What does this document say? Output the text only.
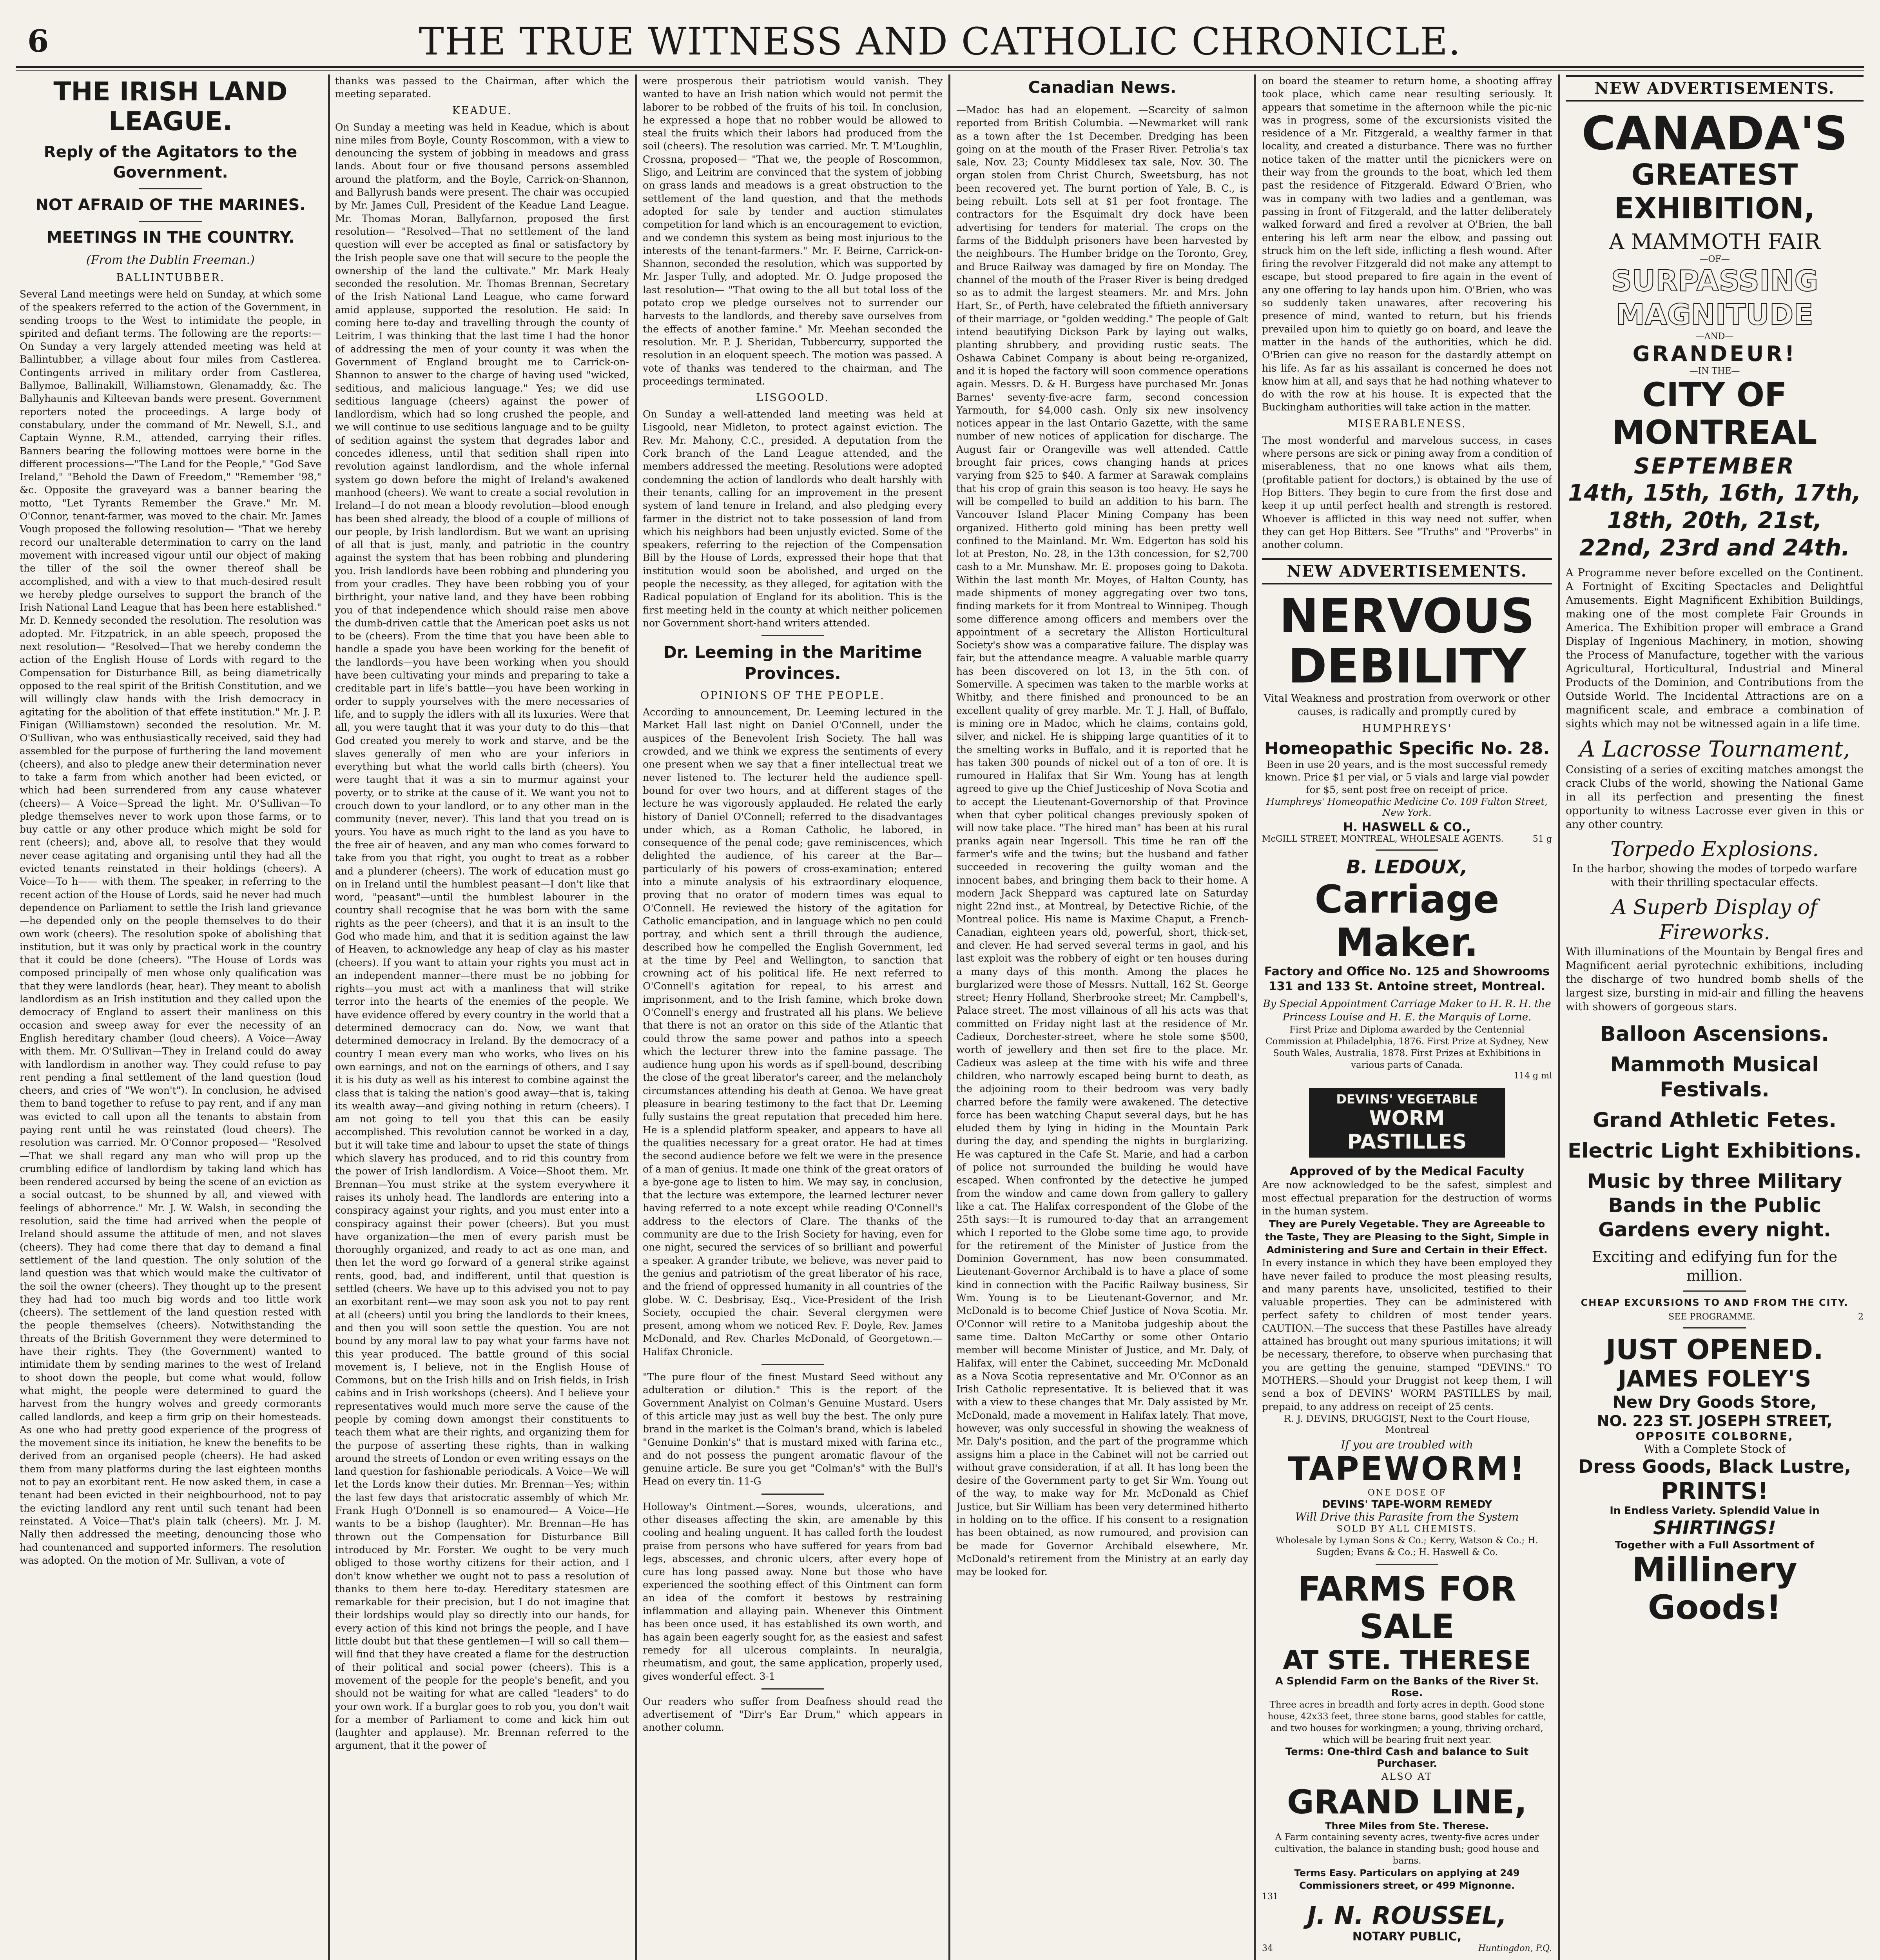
6	THE TRUE WITNESS AND CATHOLIC CHRONICLE.
THE IRISH LAND LEAGUE.
Reply of the Agitators to the Government.
NOT AFRAID OF THE MARINES.
MEETINGS IN THE COUNTRY.
(From the Dublin Freeman.)
BALLINTUBBER.
Several Land meetings were held on Sunday, at which some of the speakers referred to the action of the Government, in sending troops to the West to intimidate the people, in spirited and defiant terms. The following are the reports:— On Sunday a very largely attended meeting was held at Ballintubber, a village about four miles from Castlerea. Contingents arrived in military order from Castlerea, Ballymoe, Ballinakill, Williamstown, Glenamaddy, &c. The Ballyhaunis and Kilteevan bands were present. Government reporters noted the proceedings. A large body of constabulary, under the command of Mr. Newell, S.I., and Captain Wynne, R.M., attended, carrying their rifles. Banners bearing the following mottoes were borne in the different processions—"The Land for the People," "God Save Ireland," "Behold the Dawn of Freedom," "Remember '98," &c. Opposite the graveyard was a banner bearing the motto, "Let Tyrants Remember the Grave." Mr. M. O'Connor, tenant-farmer, was moved to the chair. Mr. James Vough proposed the following resolution— "That we hereby record our unalterable determination to carry on the land movement with increased vigour until our object of making the tiller of the soil the owner thereof shall be accomplished, and with a view to that much-desired result we hereby pledge ourselves to support the branch of the Irish National Land League that has been here established." Mr. D. Kennedy seconded the resolution. The resolution was adopted. Mr. Fitzpatrick, in an able speech, proposed the next resolution— "Resolved—That we hereby condemn the action of the English House of Lords with regard to the Compensation for Disturbance Bill, as being diametrically opposed to the real spirit of the British Constitution, and we will willingly claw hands with the Irish democracy in agitating for the abolition of that effete institution." Mr. J. P. Finigan (Williamstown) seconded the resolution. Mr. M. O'Sullivan, who was enthusiastically received, said they had assembled for the purpose of furthering the land movement (cheers), and also to pledge anew their determination never to take a farm from which another had been evicted, or which had been surrendered from any cause whatever (cheers)— A Voice—Spread the light. Mr. O'Sullivan—To pledge themselves never to work upon those farms, or to buy cattle or any other produce which might be sold for rent (cheers); and, above all, to resolve that they would never cease agitating and organising until they had all the evicted tenants reinstated in their holdings (cheers). A Voice—To h—— with them. The speaker, in referring to the recent action of the House of Lords, said he never had much dependence on Parliament to settle the Irish land grievance—he depended only on the people themselves to do their own work (cheers). The resolution spoke of abolishing that institution, but it was only by practical work in the country that it could be done (cheers). "The House of Lords was composed principally of men whose only qualification was that they were landlords (hear, hear). They meant to abolish landlordism as an Irish institution and they called upon the democracy of England to assert their manliness on this occasion and sweep away for ever the necessity of an English hereditary chamber (loud cheers). A Voice—Away with them. Mr. O'Sullivan—They in Ireland could do away with landlordism in another way. They could refuse to pay rent pending a final settlement of the land question (loud cheers, and cries of "We won't"). In conclusion, he advised them to band together to refuse to pay rent, and if any man was evicted to call upon all the tenants to abstain from paying rent until he was reinstated (loud cheers). The resolution was carried. Mr. O'Connor proposed— "Resolved—That we shall regard any man who will prop up the crumbling edifice of landlordism by taking land which has been rendered accursed by being the scene of an eviction as a social outcast, to be shunned by all, and viewed with feelings of abhorrence." Mr. J. W. Walsh, in seconding the resolution, said the time had arrived when the people of Ireland should assume the attitude of men, and not slaves (cheers). They had come there that day to demand a final settlement of the land question. The only solution of the land question was that which would make the cultivator of the soil the owner (cheers). They thought up to the present they had had too much big words and too little work (cheers). The settlement of the land question rested with the people themselves (cheers). Notwithstanding the threats of the British Government they were determined to have their rights. They (the Government) wanted to intimidate them by sending marines to the west of Ireland to shoot down the people, but come what would, follow what might, the people were determined to guard the harvest from the hungry wolves and greedy cormorants called landlords, and keep a firm grip on their homesteads. As one who had pretty good experience of the progress of the movement since its initiation, he knew the benefits to be derived from an organised people (cheers). He had asked them from many platforms during the last eighteen months not to pay an exorbitant rent. He now asked them, in case a tenant had been evicted in their neighbourhood, not to pay the evicting landlord any rent until such tenant had been reinstated. A Voice—That's plain talk (cheers). Mr. J. M. Nally then addressed the meeting, denouncing those who had countenanced and supported informers. The resolution was adopted. On the motion of Mr. Sullivan, a vote of
thanks was passed to the Chairman, after which the meeting separated.
KEADUE.
On Sunday a meeting was held in Keadue, which is about nine miles from Boyle, County Roscommon, with a view to denouncing the system of jobbing in meadows and grass lands. About four or five thousand persons assembled around the platform, and the Boyle, Carrick-on-Shannon, and Ballyrush bands were present. The chair was occupied by Mr. James Cull, President of the Keadue Land League. Mr. Thomas Moran, Ballyfarnon, proposed the first resolution— "Resolved—That no settlement of the land question will ever be accepted as final or satisfactory by the Irish people save one that will secure to the people the ownership of the land the cultivate." Mr. Mark Healy seconded the resolution. Mr. Thomas Brennan, Secretary of the Irish National Land League, who came forward amid applause, supported the resolution. He said: In coming here to-day and travelling through the county of Leitrim, I was thinking that the last time I had the honor of addressing the men of your county it was when the Government of England brought me to Carrick-on-Shannon to answer to the charge of having used "wicked, seditious, and malicious language." Yes; we did use seditious language (cheers) against the power of landlordism, which had so long crushed the people, and we will continue to use seditious language and to be guilty of sedition against the system that degrades labor and concedes idleness, until that sedition shall ripen into revolution against landlordism, and the whole infernal system go down before the might of Ireland's awakened manhood (cheers). We want to create a social revolution in Ireland—I do not mean a bloody revolution—blood enough has been shed already, the blood of a couple of millions of our people, by Irish landlordism. But we want an uprising of all that is just, manly, and patriotic in the country against the system that has been robbing and plundering you. Irish landlords have been robbing and plundering you from your cradles. They have been robbing you of your birthright, your native land, and they have been robbing you of that independence which should raise men above the dumb-driven cattle that the American poet asks us not to be (cheers). From the time that you have been able to handle a spade you have been working for the benefit of the landlords—you have been working when you should have been cultivating your minds and preparing to take a creditable part in life's battle—you have been working in order to supply yourselves with the mere necessaries of life, and to supply the idlers with all its luxuries. Were that all, you were taught that it was your duty to do this—that God created you merely to work and starve, and be the slaves generally of men who are your inferiors in everything but what the world calls birth (cheers). You were taught that it was a sin to murmur against your poverty, or to strike at the cause of it. We want you not to crouch down to your landlord, or to any other man in the community (never, never). This land that you tread on is yours. You have as much right to the land as you have to the free air of heaven, and any man who comes forward to take from you that right, you ought to treat as a robber and a plunderer (cheers). The work of education must go on in Ireland until the humblest peasant—I don't like that word, "peasant"—until the humblest labourer in the country shall recognise that he was born with the same rights as the peer (cheers), and that it is an insult to the God who made him, and that it is sedition against the law of Heaven, to acknowledge any heap of clay as his master (cheers). If you want to attain your rights you must act in an independent manner—there must be no jobbing for rights—you must act with a manliness that will strike terror into the hearts of the enemies of the people. We have evidence offered by every country in the world that a determined democracy can do. Now, we want that determined democracy in Ireland. By the democracy of a country I mean every man who works, who lives on his own earnings, and not on the earnings of others, and I say it is his duty as well as his interest to combine against the class that is taking the nation's good away—that is, taking its wealth away—and giving nothing in return (cheers). I am not going to tell you that this can be easily accomplished. This revolution cannot be worked in a day, but it will take time and labour to upset the state of things which slavery has produced, and to rid this country from the power of Irish landlordism. A Voice—Shoot them. Mr. Brennan—You must strike at the system everywhere it raises its unholy head. The landlords are entering into a conspiracy against your rights, and you must enter into a conspiracy against their power (cheers). But you must have organization—the men of every parish must be thoroughly organized, and ready to act as one man, and then let the word go forward of a general strike against rents, good, bad, and indifferent, until that question is settled (cheers. We have up to this advised you not to pay an exorbitant rent—we may soon ask you not to pay rent at all (cheers) until you bring the landlords to their knees, and then you will soon settle the question. You are not bound by any moral law to pay what your farms have not this year produced. The battle ground of this social movement is, I believe, not in the English House of Commons, but on the Irish hills and on Irish fields, in Irish cabins and in Irish workshops (cheers). And I believe your representatives would much more serve the cause of the people by coming down amongst their constituents to teach them what are their rights, and organizing them for the purpose of asserting these rights, than in walking around the streets of London or even writing essays on the land question for fashionable periodicals. A Voice—We will let the Lords know their duties. Mr. Brennan—Yes; within the last few days that aristocratic assembly of which Mr. Frank Hugh O'Donnell is so enamoured— A Voice—He wants to be a bishop (laughter). Mr. Brennan—He has thrown out the Compensation for Disturbance Bill introduced by Mr. Forster. We ought to be very much obliged to those worthy citizens for their action, and I don't know whether we ought not to pass a resolution of thanks to them here to-day. Hereditary statesmen are remarkable for their precision, but I do not imagine that their lordships would play so directly into our hands, for every action of this kind not brings the people, and I have little doubt but that these gentlemen—I will so call them—will find that they have created a flame for the destruction of their political and social power (cheers). This is a movement of the people for the people's benefit, and you should not be waiting for what are called "leaders" to do your own work. If a burglar goes to rob you, you don't wait for a member of Parliament to come and kick him out (laughter and applause). Mr. Brennan referred to the argument, that it the power of
were prosperous their patriotism would vanish. They wanted to have an Irish nation which would not permit the laborer to be robbed of the fruits of his toil. In conclusion, he expressed a hope that no robber would be allowed to steal the fruits which their labors had produced from the soil (cheers). The resolution was carried. Mr. T. M'Loughlin, Crossna, proposed— "That we, the people of Roscommon, Sligo, and Leitrim are convinced that the system of jobbing on grass lands and meadows is a great obstruction to the settlement of the land question, and that the methods adopted for sale by tender and auction stimulates competition for land which is an encouragement to eviction, and we condemn this system as being most injurious to the interests of the tenant-farmers." Mr. F. Beirne, Carrick-on-Shannon, seconded the resolution, which was supported by Mr. Jasper Tully, and adopted. Mr. O. Judge proposed the last resolution— "That owing to the all but total loss of the potato crop we pledge ourselves not to surrender our harvests to the landlords, and thereby save ourselves from the effects of another famine." Mr. Meehan seconded the resolution. Mr. P. J. Sheridan, Tubbercurry, supported the resolution in an eloquent speech. The motion was passed. A vote of thanks was tendered to the chairman, and The proceedings terminated.
LISGOOLD.
On Sunday a well-attended land meeting was held at Lisgoold, near Midleton, to protect against eviction. The Rev. Mr. Mahony, C.C., presided. A deputation from the Cork branch of the Land League attended, and the members addressed the meeting. Resolutions were adopted condemning the action of landlords who dealt harshly with their tenants, calling for an improvement in the present system of land tenure in Ireland, and also pledging every farmer in the district not to take possession of land from which his neighbors had been unjustly evicted. Some of the speakers, referring to the rejection of the Compensation Bill by the House of Lords, expressed their hope that that institution would soon be abolished, and urged on the people the necessity, as they alleged, for agitation with the Radical population of England for its abolition. This is the first meeting held in the county at which neither policemen nor Government short-hand writers attended.
Dr. Leeming in the Maritime Provinces.
OPINIONS OF THE PEOPLE.
According to announcement, Dr. Leeming lectured in the Market Hall last night on Daniel O'Connell, under the auspices of the Benevolent Irish Society. The hall was crowded, and we think we express the sentiments of every one present when we say that a finer intellectual treat we never listened to. The lecturer held the audience spell-bound for over two hours, and at different stages of the lecture he was vigorously applauded. He related the early history of Daniel O'Connell; referred to the disadvantages under which, as a Roman Catholic, he labored, in consequence of the penal code; gave reminiscences, which delighted the audience, of his career at the Bar—particularly of his powers of cross-examination; entered into a minute analysis of his extraordinary eloquence, proving that no orator of modern times was equal to O'Connell. He reviewed the history of the agitation for Catholic emancipation, and in language which no pen could portray, and which sent a thrill through the audience, described how he compelled the English Government, led at the time by Peel and Wellington, to sanction that crowning act of his political life. He next referred to O'Connell's agitation for repeal, to his arrest and imprisonment, and to the Irish famine, which broke down O'Connell's energy and frustrated all his plans. We believe that there is not an orator on this side of the Atlantic that could throw the same power and pathos into a speech which the lecturer threw into the famine passage. The audience hung upon his words as if spell-bound, describing the close of the great liberator's career, and the melancholy circumstances attending his death at Genoa. We have great pleasure in bearing testimony to the fact that Dr. Leeming fully sustains the great reputation that preceded him here. He is a splendid platform speaker, and appears to have all the qualities necessary for a great orator. He had at times the second audience before we felt we were in the presence of a man of genius. It made one think of the great orators of a bye-gone age to listen to him. We may say, in conclusion, that the lecture was extempore, the learned lecturer never having referred to a note except while reading O'Connell's address to the electors of Clare. The thanks of the community are due to the Irish Society for having, even for one night, secured the services of so brilliant and powerful a speaker. A grander tribute, we believe, was never paid to the genius and patriotism of the great liberator of his race, and the friend of oppressed humanity in all countries of the globe. W. C. Desbrisay, Esq., Vice-President of the Irish Society, occupied the chair. Several clergymen were present, among whom we noticed Rev. F. Doyle, Rev. James McDonald, and Rev. Charles McDonald, of Georgetown.—Halifax Chronicle.
"The pure flour of the finest Mustard Seed without any adulteration or dilution." This is the report of the Government Analyist on Colman's Genuine Mustard. Users of this article may just as well buy the best. The only pure brand in the market is the Colman's brand, which is labeled "Genuine Donkin's" that is mustard mixed with farina etc., and do not possess the pungent aromatic flavour of the genuine article. Be sure you get "Colman's" with the Bull's Head on every tin. 11-G
Holloway's Ointment.—Sores, wounds, ulcerations, and other diseases affecting the skin, are amenable by this cooling and healing unguent. It has called forth the loudest praise from persons who have suffered for years from bad legs, abscesses, and chronic ulcers, after every hope of cure has long passed away. None but those who have experienced the soothing effect of this Ointment can form an idea of the comfort it bestows by restraining inflammation and allaying pain. Whenever this Ointment has been once used, it has established its own worth, and has again been eagerly sought for, as the easiest and safest remedy for all ulcerous complaints. In neuralgia, rheumatism, and gout, the same application, properly used, gives wonderful effect. 3-1
Our readers who suffer from Deafness should read the advertisement of "Dirr's Ear Drum," which appears in another column.
Canadian News.
—Madoc has had an elopement. —Scarcity of salmon reported from British Columbia. —Newmarket will rank as a town after the 1st December. Dredging has been going on at the mouth of the Fraser River. Petrolia's tax sale, Nov. 23; County Middlesex tax sale, Nov. 30. The organ stolen from Christ Church, Sweetsburg, has not been recovered yet. The burnt portion of Yale, B. C., is being rebuilt. Lots sell at $1 per foot frontage. The contractors for the Esquimalt dry dock have been advertising for tenders for material. The crops on the farms of the Biddulph prisoners have been harvested by the neighbours. The Humber bridge on the Toronto, Grey, and Bruce Railway was damaged by fire on Monday. The channel of the mouth of the Fraser River is being dredged so as to admit the largest steamers. Mr. and Mrs. John Hart, Sr., of Perth, have celebrated the fiftieth anniversary of their marriage, or "golden wedding." The people of Galt intend beautifying Dickson Park by laying out walks, planting shrubbery, and providing rustic seats. The Oshawa Cabinet Company is about being re-organized, and it is hoped the factory will soon commence operations again. Messrs. D. & H. Burgess have purchased Mr. Jonas Barnes' seventy-five-acre farm, second concession Yarmouth, for $4,000 cash. Only six new insolvency notices appear in the last Ontario Gazette, with the same number of new notices of application for discharge. The August fair or Orangeville was well attended. Cattle brought fair prices, cows changing hands at prices varying from $25 to $40. A farmer at Sarawak complains that his crop of grain this season is too heavy. He says he will be compelled to build an addition to his barn. The Vancouver Island Placer Mining Company has been organized. Hitherto gold mining has been pretty well confined to the Mainland. Mr. Wm. Edgerton has sold his lot at Preston, No. 28, in the 13th concession, for $2,700 cash to a Mr. Munshaw. Mr. E. proposes going to Dakota. Within the last month Mr. Moyes, of Halton County, has made shipments of money aggregating over two tons, finding markets for it from Montreal to Winnipeg. Though some difference among officers and members over the appointment of a secretary the Alliston Horticultural Society's show was a comparative failure. The display was fair, but the attendance meagre. A valuable marble quarry has been discovered on lot 13, in the 5th con. of Somerville. A specimen was taken to the marble works at Whitby, and there finished and pronounced to be an excellent quality of grey marble. Mr. T. J. Hall, of Buffalo, is mining ore in Madoc, which he claims, contains gold, silver, and nickel. He is shipping large quantities of it to the smelting works in Buffalo, and it is reported that he has taken 300 pounds of nickel out of a ton of ore. It is rumoured in Halifax that Sir Wm. Young has at length agreed to give up the Chief Justiceship of Nova Scotia and to accept the Lieutenant-Governorship of that Province when that cyber political changes previously spoken of will now take place. "The hired man" has been at his rural pranks again near Ingersoll. This time he ran off the farmer's wife and the twins; but the husband and father succeeded in recovering the guilty woman and the innocent babes, and bringing them back to their home. A modern Jack Sheppard was captured late on Saturday night 22nd inst., at Montreal, by Detective Richie, of the Montreal police. His name is Maxime Chaput, a French-Canadian, eighteen years old, powerful, short, thick-set, and clever. He had served several terms in gaol, and his last exploit was the robbery of eight or ten houses during a many days of this month. Among the places he burglarized were those of Messrs. Nuttall, 162 St. George street; Henry Holland, Sherbrooke street; Mr. Campbell's, Palace street. The most villainous of all his acts was that committed on Friday night last at the residence of Mr. Cadieux, Dorchester-street, where he stole some $500, worth of jewellery and then set fire to the place. Mr. Cadieux was asleep at the time with his wife and three children, who narrowly escaped being burnt to death, as the adjoining room to their bedroom was very badly charred before the family were awakened. The detective force has been watching Chaput several days, but he has eluded them by lying in hiding in the Mountain Park during the day, and spending the nights in burglarizing. He was captured in the Cafe St. Marie, and had a carbon of police not surrounded the building he would have escaped. When confronted by the detective he jumped from the window and came down from gallery to gallery like a cat. The Halifax correspondent of the Globe of the 25th says:—It is rumoured to-day that an arrangement which I reported to the Globe some time ago, to provide for the retirement of the Minister of Justice from the Dominion Government, has now been consummated. Lieutenant-Governor Archibald is to have a place of some kind in connection with the Pacific Railway business, Sir Wm. Young is to be Lieutenant-Governor, and Mr. McDonald is to become Chief Justice of Nova Scotia. Mr. O'Connor will retire to a Manitoba judgeship about the same time. Dalton McCarthy or some other Ontario member will become Minister of Justice, and Mr. Daly, of Halifax, will enter the Cabinet, succeeding Mr. McDonald as a Nova Scotia representative and Mr. O'Connor as an Irish Catholic representative. It is believed that it was with a view to these changes that Mr. Daly assisted by Mr. McDonald, made a movement in Halifax lately. That move, however, was only successful in showing the weakness of Mr. Daly's position, and the part of the programme which assigns him a place in the Cabinet will not be carried out without grave consideration, if at all. It has long been the desire of the Government party to get Sir Wm. Young out of the way, to make way for Mr. McDonald as Chief Justice, but Sir William has been very determined hitherto in holding on to the office. If his consent to a resignation has been obtained, as now rumoured, and provision can be made for Governor Archibald elsewhere, Mr. McDonald's retirement from the Ministry at an early day may be looked for.
on board the steamer to return home, a shooting affray took place, which came near resulting seriously. It appears that sometime in the afternoon while the pic-nic was in progress, some of the excursionists visited the residence of a Mr. Fitzgerald, a wealthy farmer in that locality, and created a disturbance. There was no further notice taken of the matter until the picnickers were on their way from the grounds to the boat, which led them past the residence of Fitzgerald. Edward O'Brien, who was in company with two ladies and a gentleman, was passing in front of Fitzgerald, and the latter deliberately walked forward and fired a revolver at O'Brien, the ball entering his left arm near the elbow, and passing out struck him on the left side, inflicting a flesh wound. After firing the revolver Fitzgerald did not make any attempt to escape, but stood prepared to fire again in the event of any one offering to lay hands upon him. O'Brien, who was so suddenly taken unawares, after recovering his presence of mind, wanted to return, but his friends prevailed upon him to quietly go on board, and leave the matter in the hands of the authorities, which he did. O'Brien can give no reason for the dastardly attempt on his life. As far as his assailant is concerned he does not know him at all, and says that he had nothing whatever to do with the row at his house. It is expected that the Buckingham authorities will take action in the matter.
MISERABLENESS.
The most wonderful and marvelous success, in cases where persons are sick or pining away from a condition of miserableness, that no one knows what ails them, (profitable patient for doctors,) is obtained by the use of Hop Bitters. They begin to cure from the first dose and keep it up until perfect health and strength is restored. Whoever is afflicted in this way need not suffer, when they can get Hop Bitters. See "Truths" and "Proverbs" in another column.
NEW ADVERTISEMENTS.
NERVOUS
DEBILITY
Vital Weakness and prostration from overwork or other causes, is radically and promptly cured by
HUMPHREYS'
Homeopathic Specific No. 28.
Been in use 20 years, and is the most successful remedy known. Price $1 per vial, or 5 vials and large vial powder for $5, sent post free on receipt of price.
Humphreys' Homeopathic Medicine Co. 109 Fulton Street, New York.
H. HASWELL & CO.,
McGILL STREET, MONTREAL, WHOLESALE AGENTS.	51 g
B. LEDOUX,
Carriage Maker.
Factory and Office No. 125 and Showrooms 131 and 133 St. Antoine street, Montreal.
By Special Appointment Carriage Maker to H. R. H. the Princess Louise and H. E. the Marquis of Lorne.
First Prize and Diploma awarded by the Centennial Commission at Philadelphia, 1876. First Prize at Sydney, New South Wales, Australia, 1878. First Prizes at Exhibitions in various parts of Canada.
114 g ml
DEVINS' VEGETABLE
WORM PASTILLES
Approved of by the Medical Faculty
Are now acknowledged to be the safest, simplest and most effectual preparation for the destruction of worms in the human system.
They are Purely Vegetable. They are Agreeable to the Taste, They are Pleasing to the Sight, Simple in Administering and Sure and Certain in their Effect.
In every instance in which they have been employed they have never failed to produce the most pleasing results, and many parents have, unsolicited, testified to their valuable properties. They can be administered with perfect safety to children of most tender years. CAUTION.—The success that these Pastilles have already attained has brought out many spurious imitations; it will be necessary, therefore, to observe when purchasing that you are getting the genuine, stamped "DEVINS." TO MOTHERS.—Should your Druggist not keep them, I will send a box of DEVINS' WORM PASTILLES by mail, prepaid, to any address on receipt of 25 cents.
R. J. DEVINS, DRUGGIST, Next to the Court House, Montreal
If you are troubled with
TAPEWORM!
ONE DOSE OF
DEVINS' TAPE-WORM REMEDY
Will Drive this Parasite from the System
SOLD BY ALL CHEMISTS.
Wholesale by Lyman Sons & Co.; Kerry, Watson & Co.; H. Sugden; Evans & Co.; H. Haswell & Co.
FARMS FOR SALE
AT STE. THERESE
A Splendid Farm on the Banks of the River St. Rose.
Three acres in breadth and forty acres in depth. Good stone house, 42x33 feet, three stone barns, good stables for cattle, and two houses for workingmen; a young, thriving orchard, which will be bearing fruit next year.
Terms: One-third Cash and balance to Suit Purchaser.
ALSO AT
GRAND LINE,
Three Miles from Ste. Therese.
A Farm containing seventy acres, twenty-five acres under cultivation, the balance in standing bush; good house and barns.
Terms Easy. Particulars on applying at 249 Commissioners street, or 499 Mignonne.
131
J. N. ROUSSEL,
NOTARY PUBLIC,
34	Huntingdon, P.Q.
NEW ADVERTISEMENTS.
CANADA'S
GREATEST EXHIBITION,
A MAMMOTH FAIR
—OF—
SURPASSING MAGNITUDE
—AND—
GRANDEUR!
—IN THE—
CITY OF MONTREAL
SEPTEMBER
14th, 15th, 16th, 17th,
18th, 20th, 21st,
22nd, 23rd and 24th.
A Programme never before excelled on the Continent. A Fortnight of Exciting Spectacles and Delightful Amusements. Eight Magnificent Exhibition Buildings, making one of the most complete Fair Grounds in America. The Exhibition proper will embrace a Grand Display of Ingenious Machinery, in motion, showing the Process of Manufacture, together with the various Agricultural, Horticultural, Industrial and Mineral Products of the Dominion, and Contributions from the Outside World. The Incidental Attractions are on a magnificent scale, and embrace a combination of sights which may not be witnessed again in a life time.
A Lacrosse Tournament,
Consisting of a series of exciting matches amongst the crack Clubs of the world, showing the National Game in all its perfection and presenting the finest opportunity to witness Lacrosse ever given in this or any other country.
Torpedo Explosions.
In the harbor, showing the modes of torpedo warfare with their thrilling spectacular effects.
A Superb Display of Fireworks.
With illuminations of the Mountain by Bengal fires and Magnificent aerial pyrotechnic exhibitions, including the discharge of two hundred bomb shells of the largest size, bursting in mid-air and filling the heavens with showers of gorgeous stars.
Balloon Ascensions.
Mammoth Musical Festivals.
Grand Athletic Fetes.
Electric Light Exhibitions.
Music by three Military Bands in the Public Gardens every night.
Exciting and edifying fun for the million.
CHEAP EXCURSIONS TO AND FROM THE CITY.
SEE PROGRAMME.	2
JUST OPENED.
JAMES FOLEY'S
New Dry Goods Store,
NO. 223 ST. JOSEPH STREET,
OPPOSITE COLBORNE,
With a Complete Stock of
Dress Goods, Black Lustre,
PRINTS!
In Endless Variety. Splendid Value in
SHIRTINGS!
Together with a Full Assortment of
Millinery Goods!
